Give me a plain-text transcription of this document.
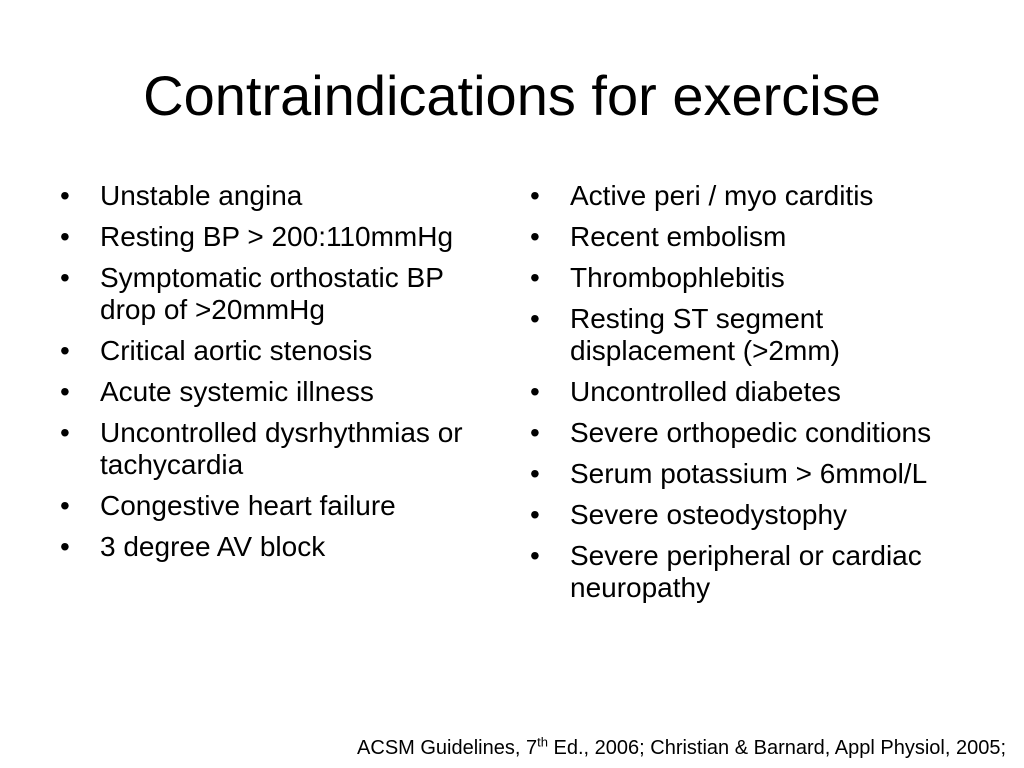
Contraindications for exercise
•	Unstable angina
•	Resting BP > 200:110mmHg
•	Symptomatic orthostatic BP drop of >20mmHg
•	Critical aortic stenosis
•	Acute systemic illness
•	Uncontrolled dysrhythmias or tachycardia
•	Congestive heart failure
•	3 degree AV block
•	Active peri / myo carditis
•	Recent embolism
•	Thrombophlebitis
•	Resting ST segment displacement (>2mm)
•	Uncontrolled diabetes
•	Severe orthopedic conditions
•	Serum potassium > 6mmol/L
•	Severe osteodystophy
•	Severe peripheral or cardiac neuropathy
ACSM Guidelines, 7th Ed., 2006; Christian & Barnard, Appl Physiol, 2005;
